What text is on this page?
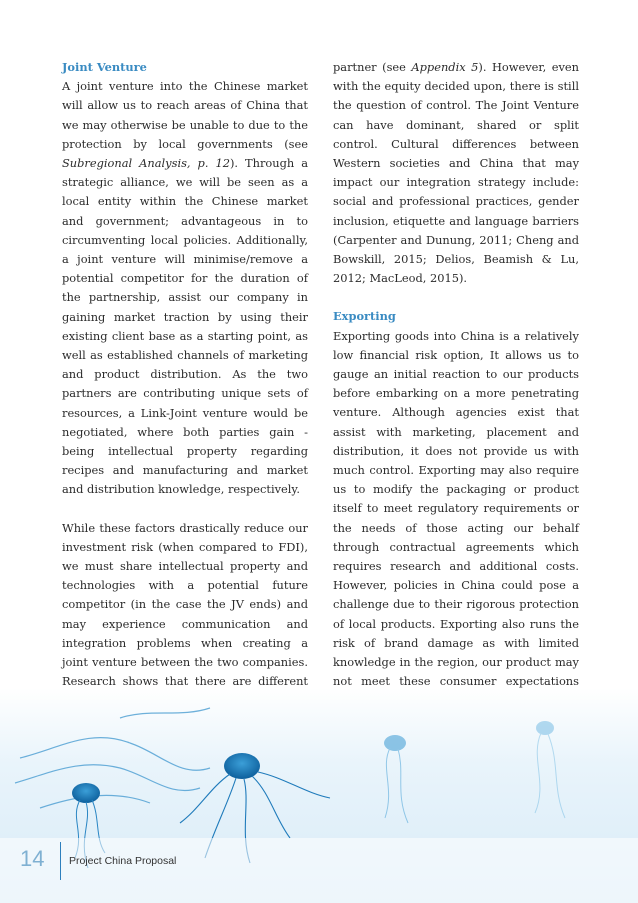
Joint Venture

A joint venture into the Chinese market will allow us to reach areas of China that we may otherwise be unable to due to the protection by local governments (see Subregional Analysis, p. 12). Through a strategic alliance, we will be seen as a local entity within the Chinese market and government; advantageous in to circumventing local policies. Additionally, a joint venture will minimise/remove a potential competitor for the duration of the partnership, assist our company in gaining market traction by using their existing client base as a starting point, as well as established channels of marketing and product distribution. As the two partners are contributing unique sets of resources, a Link-Joint venture would be negotiated, where both parties gain - being intellectual property regarding recipes and manufacturing and market and distribution knowledge, respectively.

While these factors drastically reduce our investment risk (when compared to FDI), we must share intellectual property and technologies with a potential future competitor (in the case the JV ends) and may experience communication and integration problems when creating a joint venture between the two companies. Research shows that there are different

partner (see Appendix 5). However, even with the equity decided upon, there is still the question of control. The Joint Venture can have dominant, shared or split control. Cultural differences between Western societies and China that may impact our integration strategy include: social and professional practices, gender inclusion, etiquette and language barriers (Carpenter and Dunung, 2011; Cheng and Bowskill, 2015; Delios, Beamish & Lu, 2012; MacLeod, 2015).

Exporting

Exporting goods into China is a relatively low financial risk option, It allows us to gauge an initial reaction to our products before embarking on a more penetrating venture. Although agencies exist that assist with marketing, placement and distribution, it does not provide us with much control. Exporting may also require us to modify the packaging or product itself to meet regulatory requirements or the needs of those acting our behalf through contractual agreements which requires research and additional costs. However, policies in China could pose a challenge due to their rigorous protection of local products. Exporting also runs the risk of brand damage as with limited knowledge in the region, our product may not meet these consumer expectations

14 Project China Proposal
